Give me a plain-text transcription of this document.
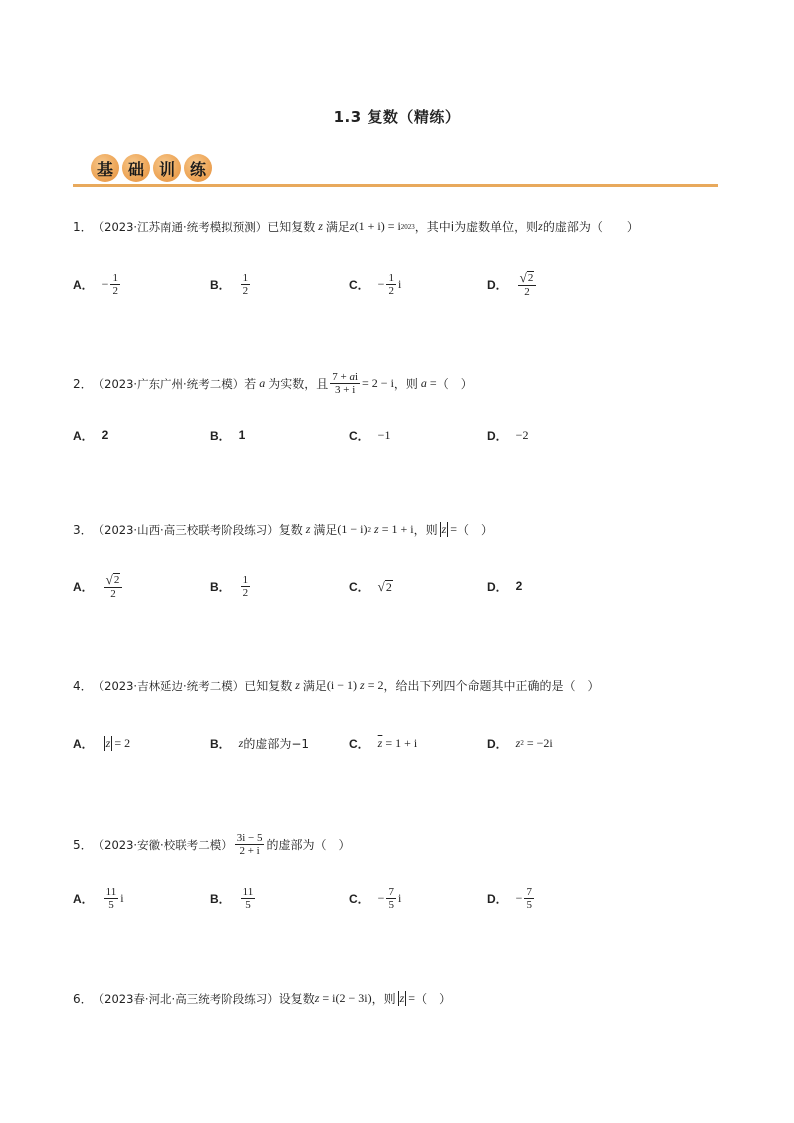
1.3 复数（精练）
基 础 训 练
1． （2023·江苏南通·统考模拟预测） 已知复数 z 满足 z (1 + i) = i 2023 ，其中i为虚数单位，则 z 的虚部为（　　）
A． − $\frac{1}{2}$	B． $\frac{1}{2}$	C． − $\frac{1}{2}$ i	D． $\frac{√ 2}{2}$
2． （2023·广东广州·统考二模） 若 a 为实数，且 $\frac{7 + ai}{3 + i} = 2 - i$ ，则 a = （　）
A． 2	B． 1	C． −1	D． −2
3． （2023·山西·高三校联考阶段练习） 复数 z 满足 (1 − i) 2
z = 1 + i ，则 z = （　）
A． $\frac{√ 2}{2}$	B． $\frac{1}{2}$	C． √ 2	D． 2
4． （2023·吉林延边·统考二模） 已知复数 z 满足 (i − 1) z = 2 ，给出下列四个命题其中正确的是（　）
A． z = 2	B． z 的虚部为−1	C． $\overline{z} = 1 + i$	D． z 2 = −2i
5． （2023·安徽·校联考二模） $\frac{3i - 5}{2 + i}$ 的虚部为（　）
A． $\frac{11}{5}$ i	B． $\frac{11}{5}$	C． − $\frac{7}{5}$ i	D． − $\frac{7}{5}$
6． （2023春·河北·高三统考阶段练习） 设复数 z = i(2 − 3i) ，则 z = （　）
